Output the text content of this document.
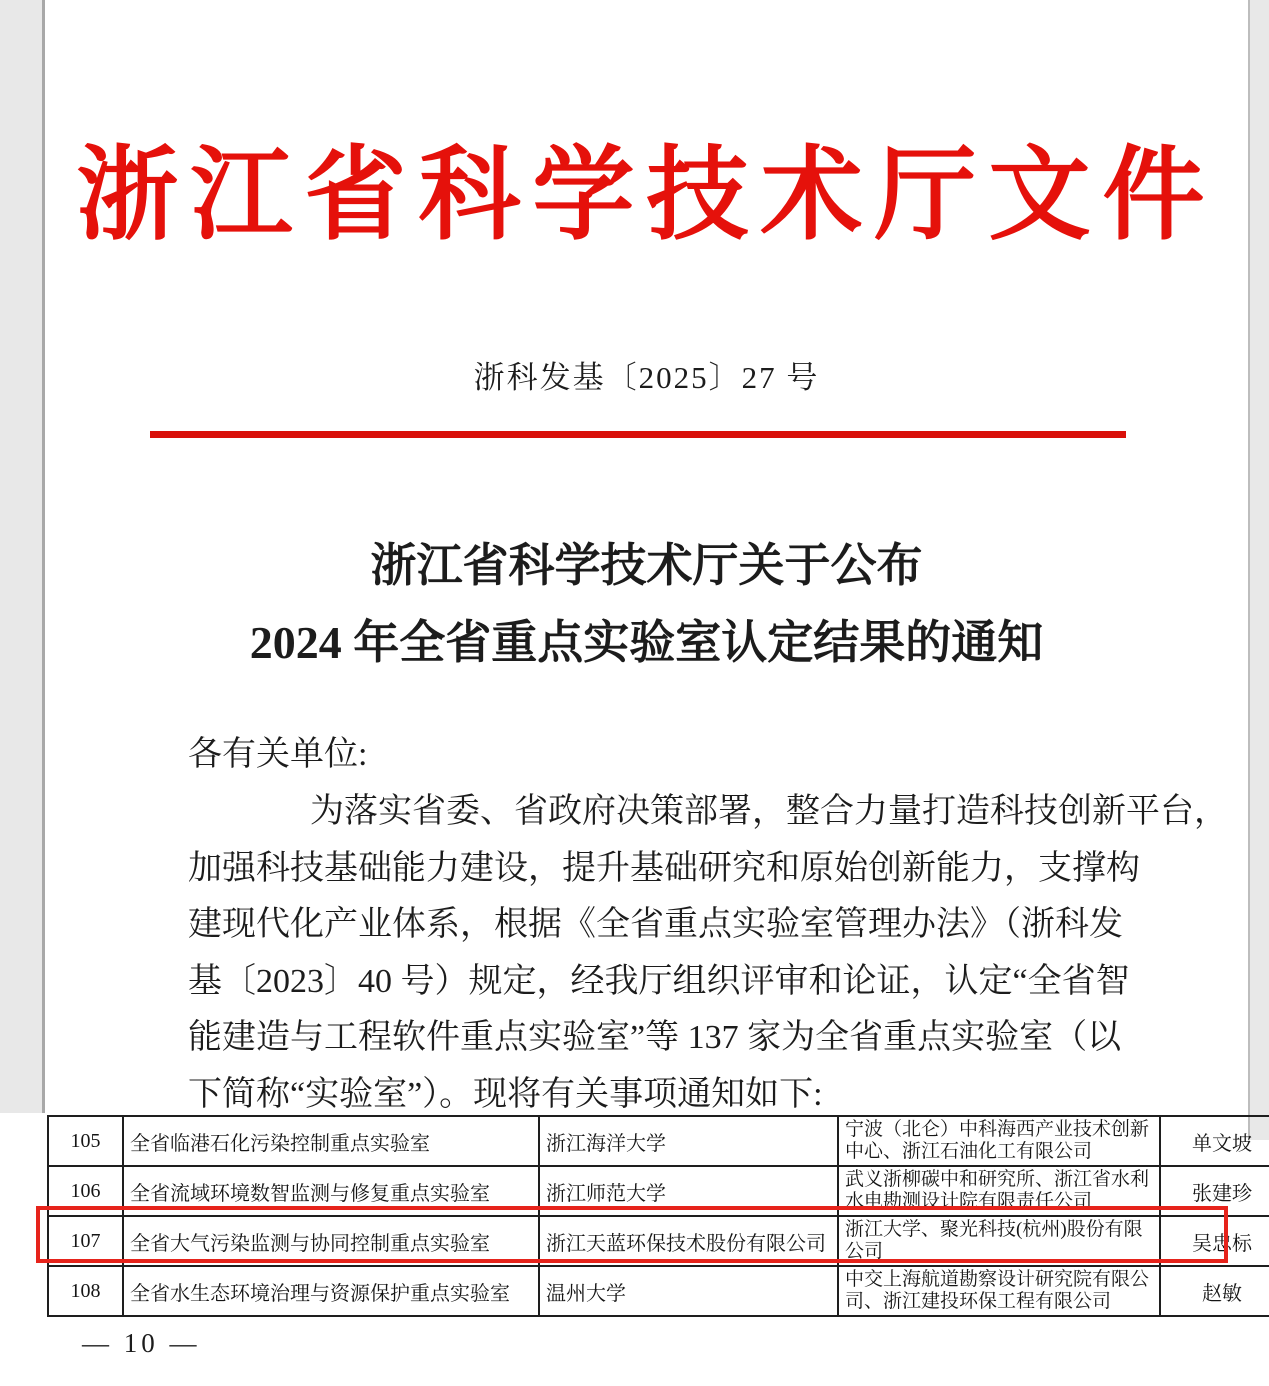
浙江省科学技术厅文件
浙科发基〔2025〕27 号
浙江省科学技术厅关于公布
2024 年全省重点实验室认定结果的通知
各有关单位:
为落实省委、省政府决策部署，整合力量打造科技创新平台，
加强科技基础能力建设，提升基础研究和原始创新能力，支撑构
建现代化产业体系，根据《全省重点实验室管理办法》（浙科发
基〔2023〕40 号）规定，经我厅组织评审和论证，认定“全省智
能建造与工程软件重点实验室”等 137 家为全省重点实验室（以
下简称“实验室”）。现将有关事项通知如下:
105	全省临港石化污染控制重点实验室	浙江海洋大学	宁波（北仑）中科海西产业技术创新中心、浙江石油化工有限公司	单文坡
106	全省流域环境数智监测与修复重点实验室	浙江师范大学	武义浙柳碳中和研究所、浙江省水利水电勘测设计院有限责任公司	张建珍
107	全省大气污染监测与协同控制重点实验室	浙江天蓝环保技术股份有限公司	浙江大学、聚光科技(杭州)股份有限公司	吴忠标
108	全省水生态环境治理与资源保护重点实验室	温州大学	中交上海航道勘察设计研究院有限公司、浙江建投环保工程有限公司	赵敏
— 10 —
